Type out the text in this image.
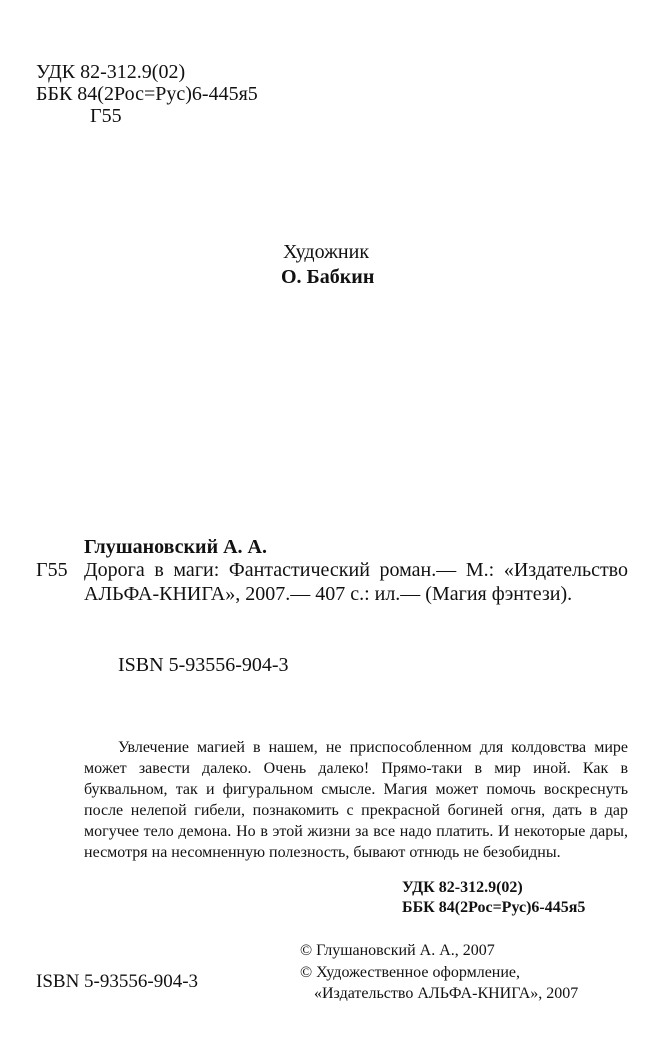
УДК 82-312.9(02)
ББК 84(2Рос=Рус)6-445я5
Г55
Художник
О. Бабкин
Глушановский А. А.
Г55 Дорога в маги: Фантастический роман.— М.: «Издательство АЛЬФА-КНИГА», 2007.— 407 с.: ил.— (Магия фэнтези).
ISBN 5-93556-904-3
Увлечение магией в нашем, не приспособленном для колдовства мире может завести далеко. Очень далеко! Прямо-таки в мир иной. Как в буквальном, так и фигуральном смысле. Магия может помочь воскреснуть после нелепой гибели, познакомить с прекрасной богиней огня, дать в дар могучее тело демона. Но в этой жизни за все надо платить. И некоторые дары, несмотря на несомненную полезность, бывают отнюдь не безобидны.
УДК 82-312.9(02)
ББК 84(2Рос=Рус)6-445я5
ISBN 5-93556-904-3
© Глушановский А. А., 2007
© Художественное оформление,
«Издательство АЛЬФА-КНИГА», 2007
